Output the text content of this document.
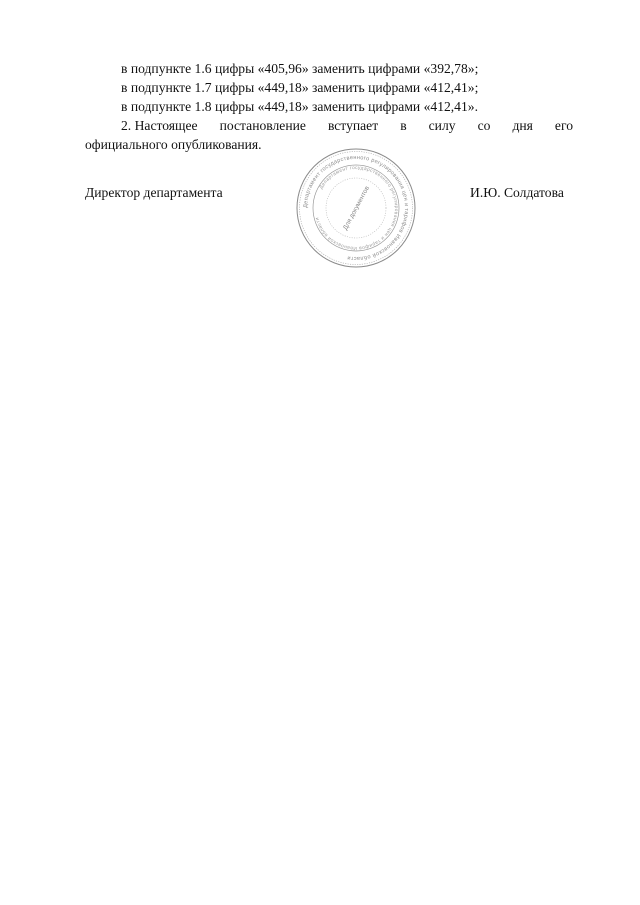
в подпункте 1.6 цифры «405,96» заменить цифрами «392,78»;
в подпункте 1.7 цифры «449,18» заменить цифрами «412,41»;
в подпункте 1.8 цифры «449,18» заменить цифрами «412,41».
2. Настоящее постановление вступает в силу со дня его
официального опубликования.
Директор департамента
Департамент государственного регулирования цен и тарифов Ивановской области
Департамент государственного регулирования цен и тарифов Ивановской области	Для документов	И.Ю. Солдатова
